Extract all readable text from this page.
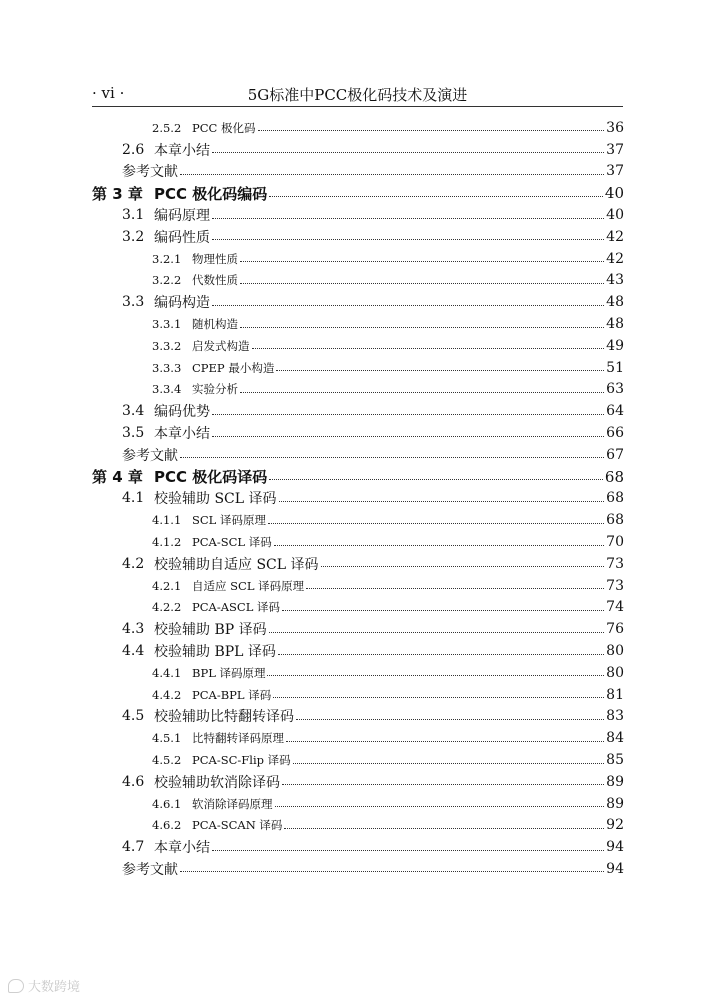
· vi ·	5G标准中PCC极化码技术及演进
2.5.2 PCC 极化码	36
2.6 本章小结	37
参考文献	37
第 3 章 PCC 极化码编码	40
3.1 编码原理	40
3.2 编码性质	42
3.2.1 物理性质	42
3.2.2 代数性质	43
3.3 编码构造	48
3.3.1 随机构造	48
3.3.2 启发式构造	49
3.3.3 CPEP 最小构造	51
3.3.4 实验分析	63
3.4 编码优势	64
3.5 本章小结	66
参考文献	67
第 4 章 PCC 极化码译码	68
4.1 校验辅助 SCL 译码	68
4.1.1 SCL 译码原理	68
4.1.2 PCA-SCL 译码	70
4.2 校验辅助自适应 SCL 译码	73
4.2.1 自适应 SCL 译码原理	73
4.2.2 PCA-ASCL 译码	74
4.3 校验辅助 BP 译码	76
4.4 校验辅助 BPL 译码	80
4.4.1 BPL 译码原理	80
4.4.2 PCA-BPL 译码	81
4.5 校验辅助比特翻转译码	83
4.5.1 比特翻转译码原理	84
4.5.2 PCA-SC-Flip 译码	85
4.6 校验辅助软消除译码	89
4.6.1 软消除译码原理	89
4.6.2 PCA-SCAN 译码	92
4.7 本章小结	94
参考文献	94
大数跨境
